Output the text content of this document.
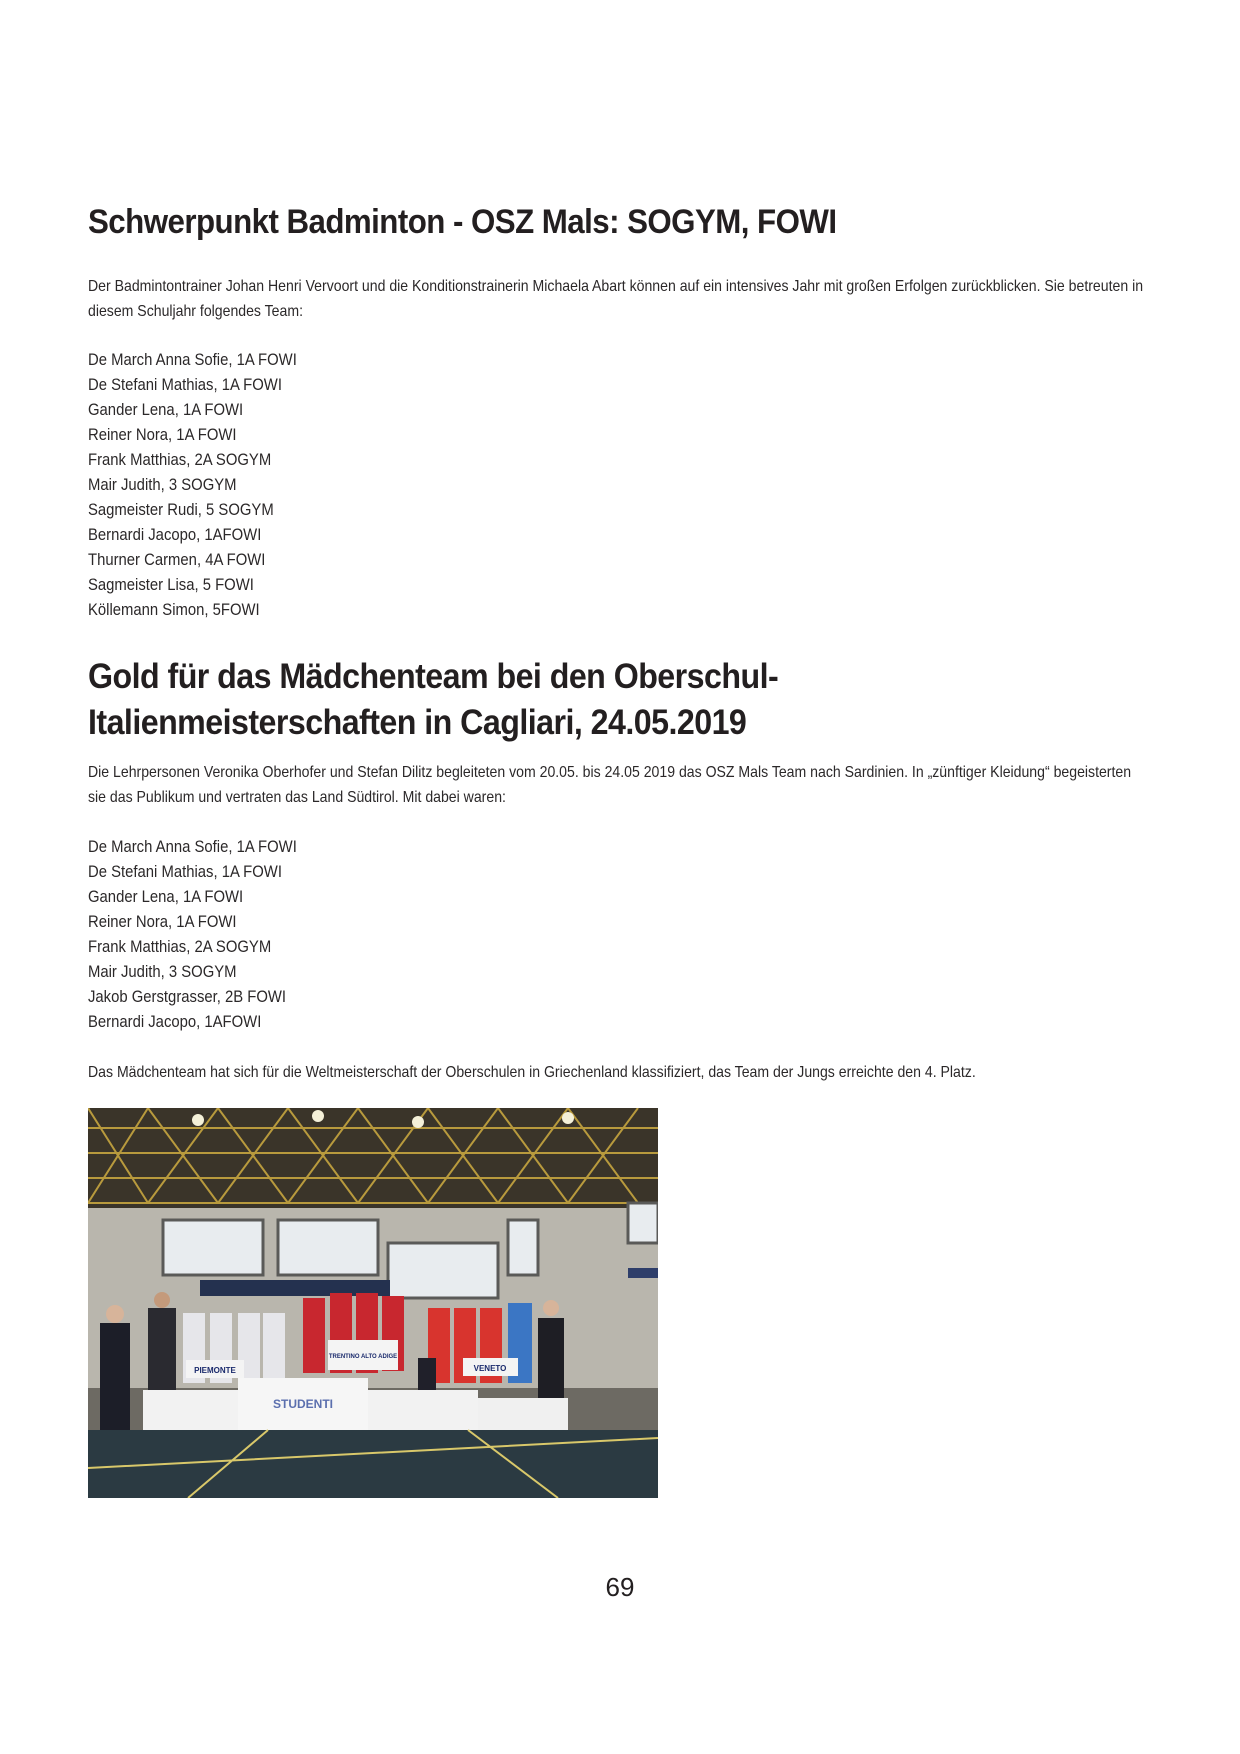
Schwerpunkt Badminton - OSZ Mals: SOGYM, FOWI

Der Badmintontrainer Johan Henri Vervoort und die Konditionstrainerin Michaela Abart können auf ein intensives Jahr mit großen Erfolgen zurückblicken. Sie betreuten in diesem Schuljahr folgendes Team:

De March Anna Sofie, 1A FOWI
De Stefani Mathias, 1A FOWI
Gander Lena, 1A FOWI
Reiner Nora, 1A FOWI
Frank Matthias, 2A SOGYM
Mair Judith, 3 SOGYM
Sagmeister Rudi, 5 SOGYM
Bernardi Jacopo, 1AFOWI
Thurner Carmen, 4A FOWI
Sagmeister Lisa, 5 FOWI
Köllemann Simon, 5FOWI
Gold für das Mädchenteam bei den Oberschul-Italienmeisterschaften in Cagliari, 24.05.2019

Die Lehrpersonen Veronika Oberhofer und Stefan Dilitz begleiteten vom 20.05. bis 24.05 2019 das OSZ Mals Team nach Sardinien. In „zünftiger Kleidung“ begeisterten sie das Publikum und vertraten das Land Südtirol. Mit dabei waren:

De March Anna Sofie, 1A FOWI
De Stefani Mathias, 1A FOWI
Gander Lena, 1A FOWI
Reiner Nora, 1A FOWI
Frank Matthias, 2A SOGYM
Mair Judith, 3 SOGYM
Jakob Gerstgrasser, 2B FOWI
Bernardi Jacopo, 1AFOWI

Das Mädchenteam hat sich für die Weltmeisterschaft der Oberschulen in Griechenland klassifiziert, das Team der Jungs erreichte den 4. Platz.

PIEMONTE
TRENTINO ALTO ADIGE
VENETO
STUDENTI
69
